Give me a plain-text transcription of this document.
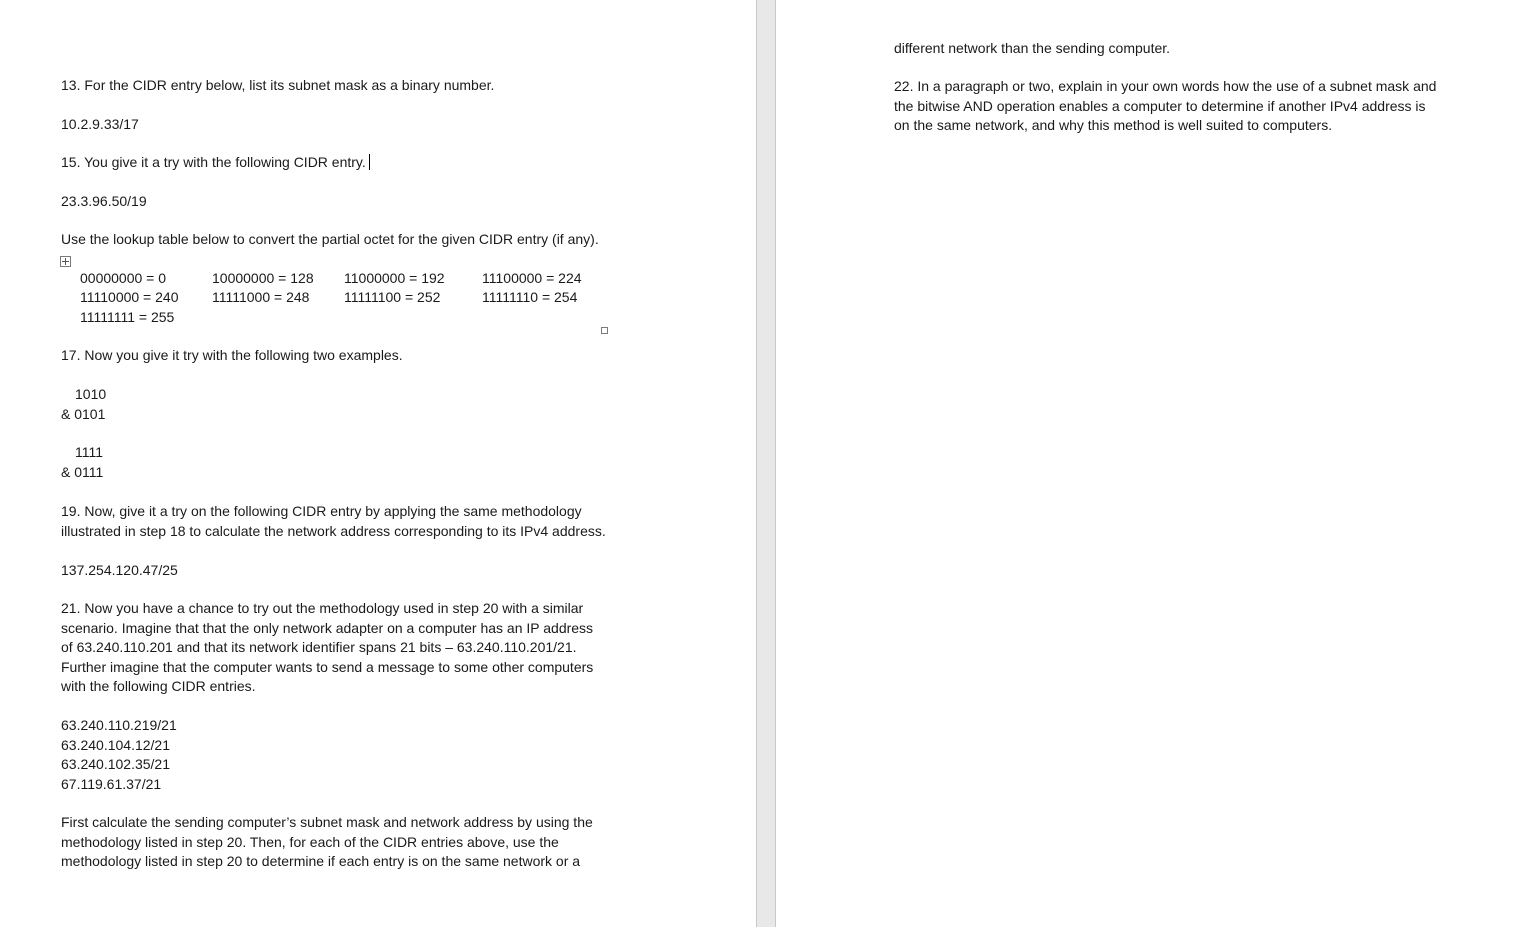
13. For the CIDR entry below, list its subnet mask as a binary number.
10.2.9.33/17
15. You give it a try with the following CIDR entry.
23.3.96.50/19
Use the lookup table below to convert the partial octet for the given CIDR entry (if any).
00000000 = 0	10000000 = 128	11000000 = 192	11100000 = 224
11110000 = 240	11111000 = 248	11111100 = 252	11111110 = 254
11111111 = 255			
17. Now you give it try with the following two examples.
1010
& 0101
1111
& 0111
19. Now, give it a try on the following CIDR entry by applying the same methodology
illustrated in step 18 to calculate the network address corresponding to its IPv4 address.
137.254.120.47/25
21. Now you have a chance to try out the methodology used in step 20 with a similar
scenario. Imagine that that the only network adapter on a computer has an IP address
of 63.240.110.201 and that its network identifier spans 21 bits – 63.240.110.201/21.
Further imagine that the computer wants to send a message to some other computers
with the following CIDR entries.
63.240.110.219/21
63.240.104.12/21
63.240.102.35/21
67.119.61.37/21
First calculate the sending computer’s subnet mask and network address by using the
methodology listed in step 20. Then, for each of the CIDR entries above, use the
methodology listed in step 20 to determine if each entry is on the same network or a
different network than the sending computer.
22. In a paragraph or two, explain in your own words how the use of a subnet mask and
the bitwise AND operation enables a computer to determine if another IPv4 address is
on the same network, and why this method is well suited to computers.
